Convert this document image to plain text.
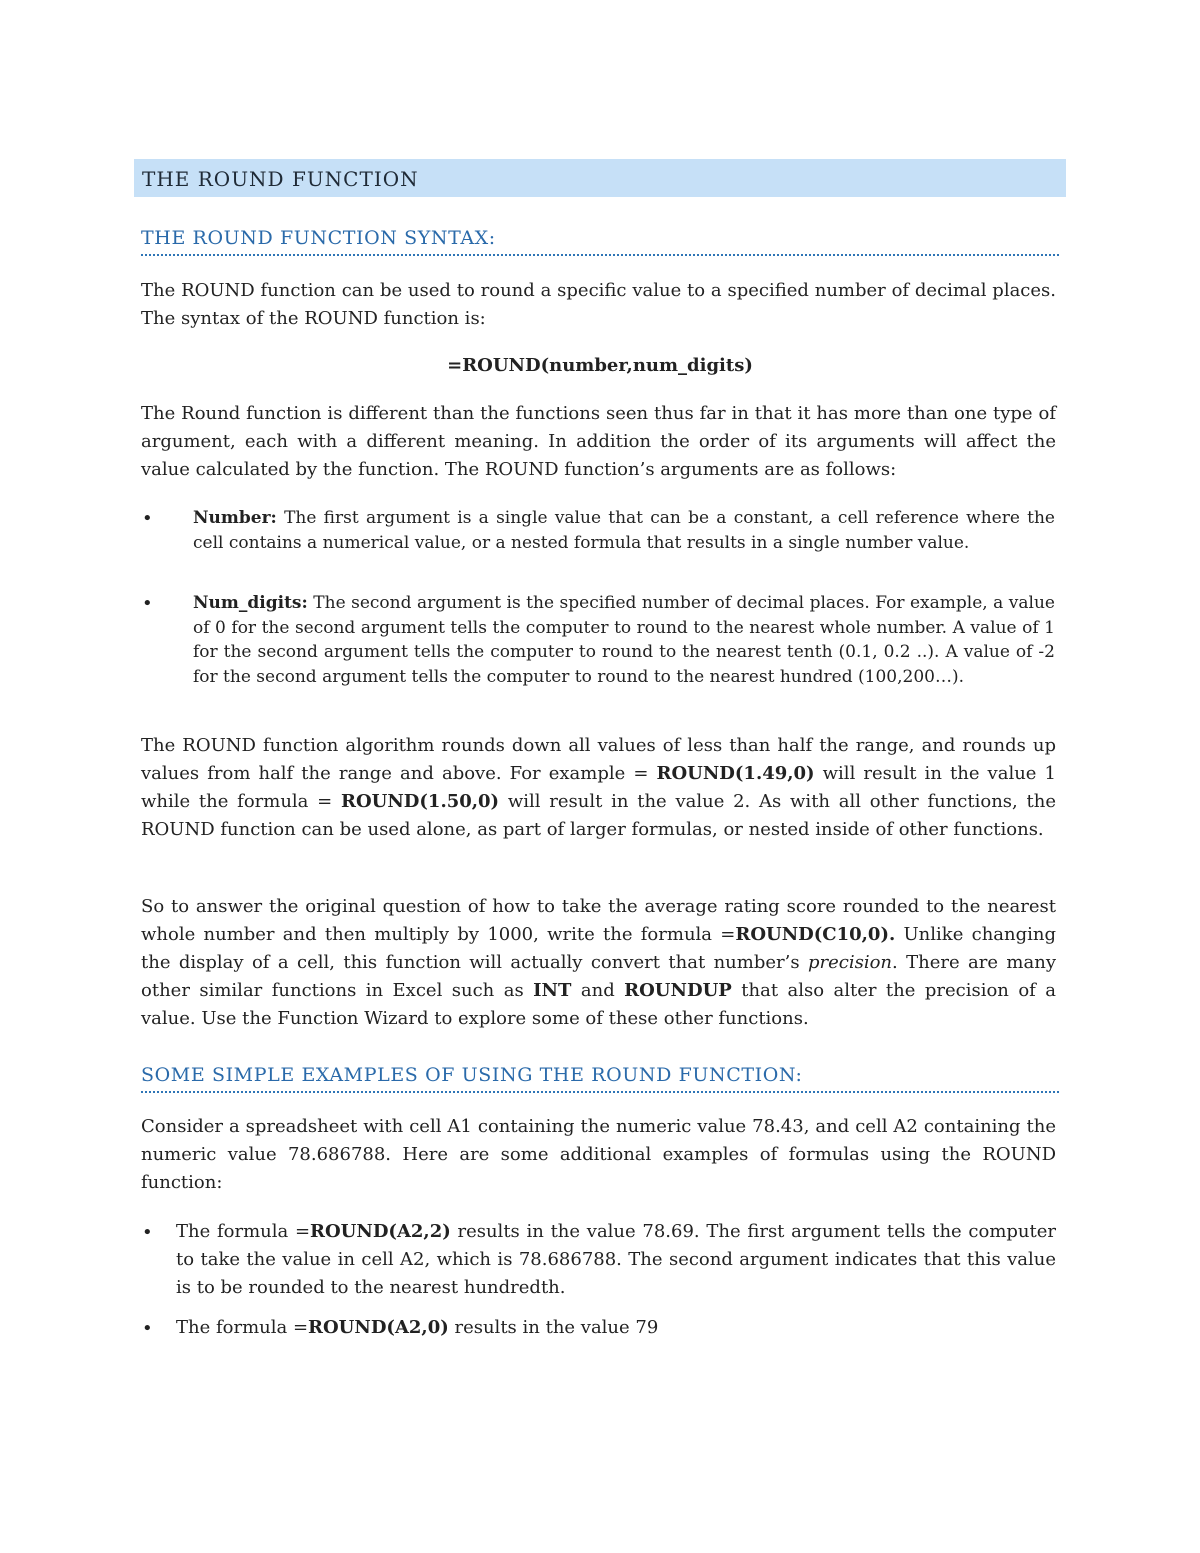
THE ROUND FUNCTION
THE ROUND FUNCTION SYNTAX:

The ROUND function can be used to round a specific value to a specified number of decimal places. The syntax of the ROUND function is:

=ROUND(number,num_digits)

The Round function is different than the functions seen thus far in that it has more than one type of argument, each with a different meaning. In addition the order of its arguments will affect the value calculated by the function. The ROUND function’s arguments are as follows:

• Number: The first argument is a single value that can be a constant, a cell reference where the cell contains a numerical value, or a nested formula that results in a single number value.

• Num_digits: The second argument is the specified number of decimal places. For example, a value of 0 for the second argument tells the computer to round to the nearest whole number. A value of 1 for the second argument tells the computer to round to the nearest tenth (0.1, 0.2 ..). A value of -2 for the second argument tells the computer to round to the nearest hundred (100,200…).

The ROUND function algorithm rounds down all values of less than half the range, and rounds up values from half the range and above. For example = ROUND(1.49,0) will result in the value 1 while the formula = ROUND(1.50,0) will result in the value 2. As with all other functions, the ROUND function can be used alone, as part of larger formulas, or nested inside of other functions.

So to answer the original question of how to take the average rating score rounded to the nearest whole number and then multiply by 1000, write the formula =ROUND(C10,0). Unlike changing the display of a cell, this function will actually convert that number’s precision. There are many other similar functions in Excel such as INT and ROUNDUP that also alter the precision of a value. Use the Function Wizard to explore some of these other functions.

SOME SIMPLE EXAMPLES OF USING THE ROUND FUNCTION:

Consider a spreadsheet with cell A1 containing the numeric value 78.43, and cell A2 containing the numeric value 78.686788. Here are some additional examples of formulas using the ROUND function:

• The formula =ROUND(A2,2) results in the value 78.69. The first argument tells the computer to take the value in cell A2, which is 78.686788. The second argument indicates that this value is to be rounded to the nearest hundredth.

• The formula =ROUND(A2,0) results in the value 79
